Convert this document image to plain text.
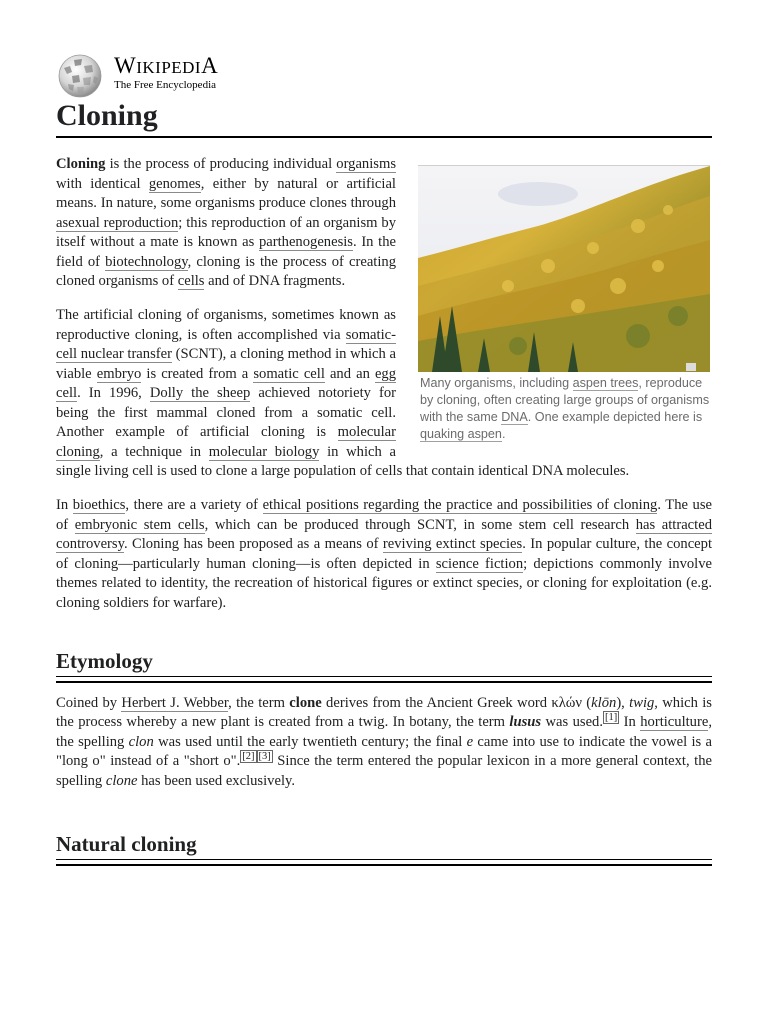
WIKIPEDIA
The Free Encyclopedia
Cloning
Many organisms, including aspen trees, reproduce by cloning, often creating large groups of organisms with the same DNA. One example depicted here is quaking aspen.

Cloning is the process of producing individual organisms with identical genomes, either by natural or artificial means. In nature, some organisms produce clones through asexual reproduction; this reproduction of an organism by itself without a mate is known as parthenogenesis. In the field of biotechnology, cloning is the process of creating cloned organisms of cells and of DNA fragments.

The artificial cloning of organisms, sometimes known as reproductive cloning, is often accomplished via somatic-cell nuclear transfer (SCNT), a cloning method in which a viable embryo is created from a somatic cell and an egg cell. In 1996, Dolly the sheep achieved notoriety for being the first mammal cloned from a somatic cell. Another example of artificial cloning is molecular cloning, a technique in molecular biology in which a single living cell is used to clone a large population of cells that contain identical DNA molecules.

In bioethics, there are a variety of ethical positions regarding the practice and possibilities of cloning. The use of embryonic stem cells, which can be produced through SCNT, in some stem cell research has attracted controversy. Cloning has been proposed as a means of reviving extinct species. In popular culture, the concept of cloning—particularly human cloning—is often depicted in science fiction; depictions commonly involve themes related to identity, the recreation of historical figures or extinct species, or cloning for exploitation (e.g. cloning soldiers for warfare).

Etymology

Coined by Herbert J. Webber, the term clone derives from the Ancient Greek word κλών (klōn), twig, which is the process whereby a new plant is created from a twig. In botany, the term lusus was used. [1] In horticulture, the spelling clon was used until the early twentieth century; the final e came into use to indicate the vowel is a "long o" instead of a "short o". [2] [3] Since the term entered the popular lexicon in a more general context, the spelling clone has been used exclusively.

Natural cloning
